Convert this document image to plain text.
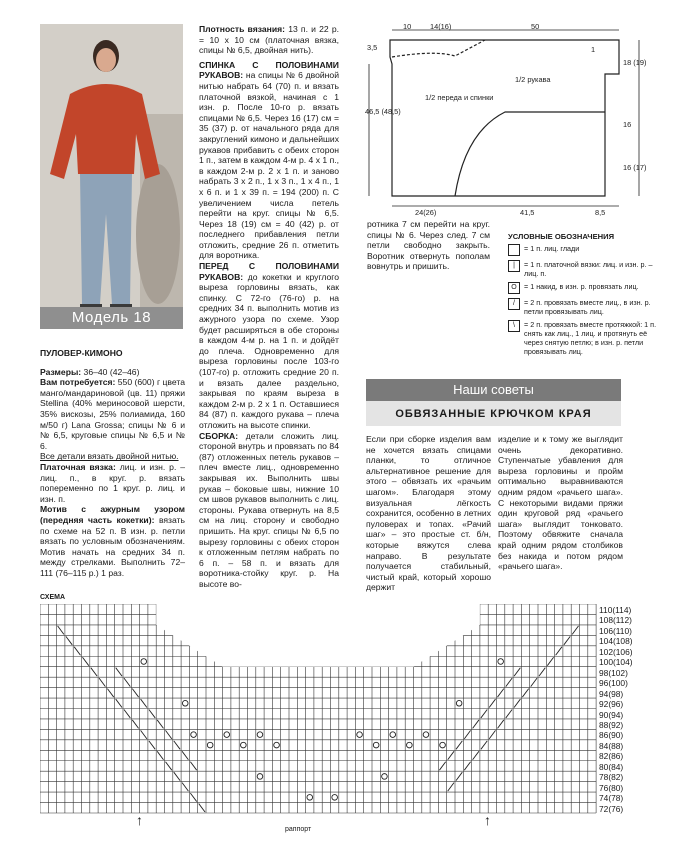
Модель 18
ПУЛОВЕР-КИМОНО
Размеры: 36–40 (42–46)
Вам потребуется: 550 (600) г цвета манго/мандариновой (цв. 11) пряжи Stellina (40% мериносовой шерсти, 35% вискозы, 25% полиамида, 160 м/50 г) Lana Grossa; спицы № 6 и № 6,5, круговые спицы № 6,5 и № 6.
Все детали вязать двойной нитью.
Платочная вязка: лиц. и изн. р. – лиц. п., в круг. р. вязать попеременно по 1 круг. р. лиц. и изн. п.
Мотив с ажурным узором (передняя часть кокетки): вязать по схеме на 52 п. В изн. р. петли вязать по условным обозначениям. Мотив начать на средних 34 п. между стрелками. Выполнить 72–111 (76–115 р.) 1 раз.
Плотность вязания: 13 п. и 22 р. = 10 x 10 см (платочная вязка, спицы № 6,5, двойная нить).
СПИНКА С ПОЛОВИНАМИ РУКАВОВ: на спицы № 6 двойной нитью набрать 64 (70) п. и вязать платочной вязкой, начиная с 1 изн. р. После 10-го р. вязать спицами № 6,5. Через 16 (17) см = 35 (37) р. от начального ряда для закруглений кимоно и дальнейших рукавов прибавить с обеих сторон 1 п., затем в каждом 4-м р. 4 х 1 п., в каждом 2-м р. 2 х 1 п. и заново набрать 3 х 2 п., 1 х 3 п., 1 х 4 п., 1 х 6 п. и 1 х 39 п. = 194 (200) п. С увеличением числа петель перейти на круг. спицы № 6,5. Через 18 (19) см = 40 (42) р. от последнего прибавления петли отложить, средние 26 п. отметить для воротника.
ПЕРЕД С ПОЛОВИНАМИ РУКАВОВ: до кокетки и круглого выреза горловины вязать, как спинку. С 72-го (76-го) р. на средних 34 п. выполнить мотив из ажурного узора по схеме. Узор будет расширяться в обе стороны в каждом 4-м р. на 1 п. и дойдёт до плеча. Одновременно для выреза горловины после 103-го (107-го) р. отложить средние 20 п. и вязать далее раздельно, закрывая по краям выреза в каждом 2-м р. 2 х 1 п. Оставшиеся 84 (87) п. каждого рукава – плеча отложить на высоте спинки.
СБОРКА: детали сложить лиц. стороной внутрь и провязать по 84 (87) отложенных петель рукавов – плеч вместе лиц., одновременно закрывая их. Выполнить швы рукав – боковые швы, нижние 10 см швов рукавов выполнить с лиц. стороны. Рукава отвернуть на 8,5 см на лиц. сторону и свободно пришить. На круг. спицы № 6,5 по вырезу горловины с обеих сторон к отложенным петлям набрать по 6 п. – 58 п. и вязать для воротника-стойку круг. р. На высоте во-
10	14(16)	50
3,5
46,5 (48,5)
18 (19)
16
16 (17)
24(26)	41,5	8,5
1/2 переда и спинки
1/2 рукава
1
ротника 7 см перейти на круг. спицы № 6. Через след. 7 см петли свободно закрыть. Воротник отвернуть пополам вовнутрь и пришить.
УСЛОВНЫЕ ОБОЗНАЧЕНИЯ
= 1 п. лиц. глади
|	= 1 п. платочной вязки: лиц. и изн. р. – лиц. п.
O	= 1 накид, в изн. р. провязать лиц.
/	= 2 п. провязать вместе лиц., в изн. р. петли провязывать лиц.
\	= 2 п. провязать вместе протяжкой: 1 п. снять как лиц., 1 лиц. и протянуть её через снятую петлю; в изн. р. петли провязывать лиц.
Наши советы
ОБВЯЗАННЫЕ КРЮЧКОМ КРАЯ
Если при сборке изделия вам не хочется вязать спицами планки, то отличное альтернативное решение для этого – обвязать их «рачьим шагом». Благодаря этому визуальная лёгкость сохранится, особенно в летних пуловерах и топах. «Рачий шаг» – это простые ст. б/н, которые вяжутся слева направо. В результате получается стабильный, чистый край, который хорошо держит
изделие и к тому же выглядит очень декоративно. Ступенчатые убавления для выреза горловины и пройм оптимально выравниваются одним рядом «рачьего шага». С некоторыми видами пряжи один круговой ряд «рачьего шага» выглядит тонковато. Поэтому обвяжите сначала край одним рядом столбиков без накида и потом рядом «рачьего шага».
СХЕМА
110(114)
108(112)
106(110)
104(108)
102(106)
100(104)
98(102)
96(100)
94(98)
92(96)
90(94)
88(92)
86(90)
84(88)
82(86)
80(84)
78(82)
76(80)
74(78)
72(76)
↑	↑
раппорт
